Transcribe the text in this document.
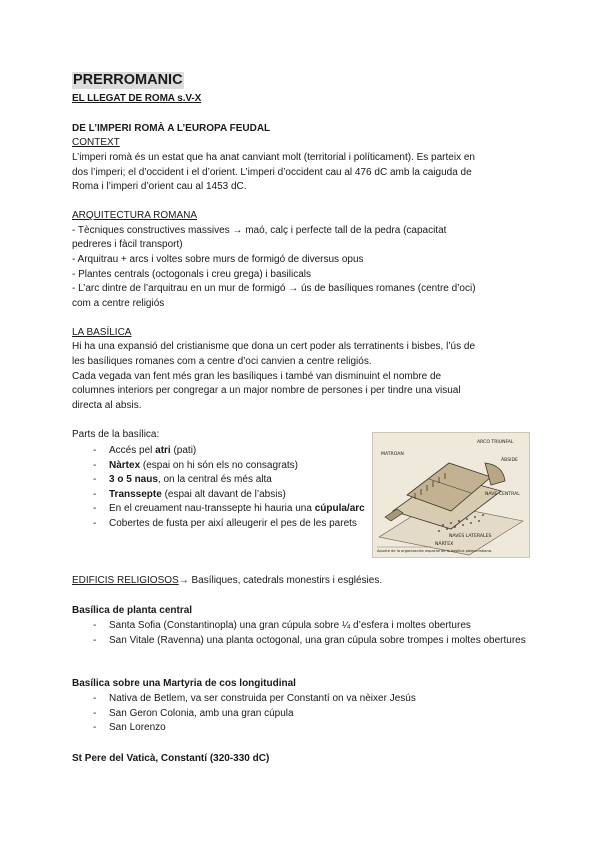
PRERROMANIC
EL LLEGAT DE ROMA s.V-X
DE L’IMPERI ROMÀ A L’EUROPA FEUDAL
CONTEXT
L’imperi romà és un estat que ha anat canviant molt (territorial i políticament). Es parteix en
dos l’imperi; el d’occident i el d’orient. L’imperi d’occident cau al 476 dC amb la caiguda de
Roma i l’imperi d’orient cau al 1453 dC.
ARQUITECTURA ROMANA
- Tècniques constructives massives → maó, calç i perfecte tall de la pedra (capacitat
pedreres i fàcil transport)
- Arquitrau + arcs i voltes sobre murs de formigó de diversus opus
- Plantes centrals (octogonals i creu grega) i basilicals
- L’arc dintre de l’arquitrau en un mur de formigó → ús de basíliques romanes (centre d’oci)
com a centre religiós
LA BASÍLICA
Hi ha una expansió del cristianisme que dona un cert poder als terratinents i bisbes, l’ús de
les basíliques romanes com a centre d’oci canvien a centre religiós.
Cada vegada van fent més gran les basíliques i també van disminuint el nombre de
columnes interiors per congregar a un major nombre de persones i per tindre una visual
directa al absis.
Parts de la basílica:
- Accés pel atri (pati)
- Nàrtex (espai on hi són els no consagrats)
- 3 o 5 naus, on la central és més alta
- Transsepte (espai alt davant de l’absis)
- En el creuament nau-transsepte hi hauria una cúpula/arc
- Cobertes de fusta per així alleugerir el pes de les parets
ARCO TRIUNFAL
MATROAN
ÁBSIDE
NAVE CENTRAL
NAVES LATERALES
NÁRTEX
Apunte de la organización espacial de la basílica paleocristiana.
EDIFICIS RELIGIOSOS→ Basíliques, catedrals monestirs i esglésies.
Basílica de planta central
- Santa Sofia (Constantinopla) una gran cúpula sobre ¼ d’esfera i moltes obertures
- San Vitale (Ravenna) una planta octogonal, una gran cúpula sobre trompes i moltes obertures
Basílica sobre una Martyria de cos longitudinal
- Nativa de Betlem, va ser construida per Constantí on va nèixer Jesús
- San Geron Colonia, amb una gran cúpula
- San Lorenzo
St Pere del Vaticà, Constantí (320-330 dC)
